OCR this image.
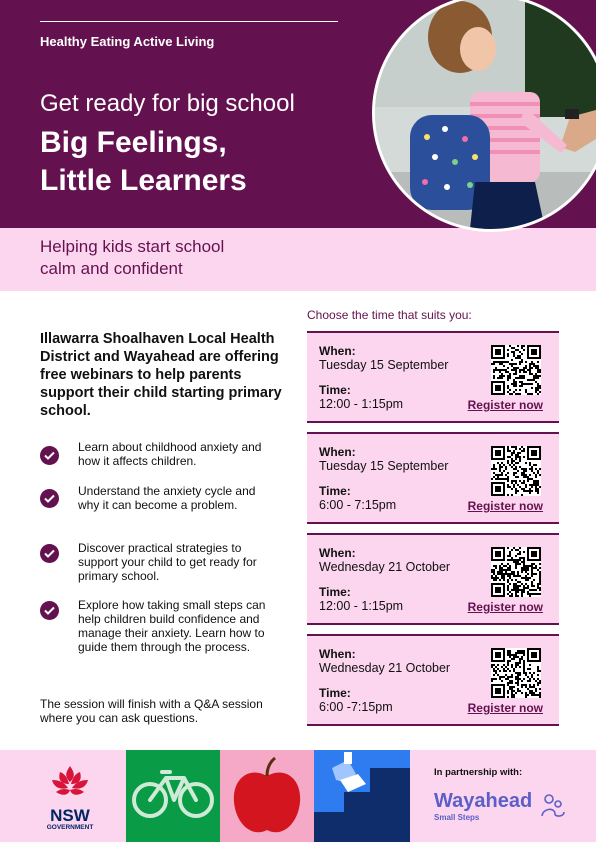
Healthy Eating Active Living
Get ready for big school
Big Feelings,
Little Learners
Helping kids start school
calm and confident
Illawarra Shoalhaven Local Health District and Wayahead are offering free webinars to help parents support their child starting primary school.
Learn about childhood anxiety and how it affects children.
Understand the anxiety cycle and why it can become a problem.
Discover practical strategies to support your child to get ready for primary school.
Explore how taking small steps can help children build confidence and manage their anxiety. Learn how to guide them through the process.
The session will finish with a Q&A session where you can ask questions.
Choose the time that suits you:
When:
Tuesday 15 September
Time:
12:00 - 1:15pm	Register now
When:
Tuesday 15 September
Time:
6:00 - 7:15pm	Register now
When:
Wednesday 21 October
Time:
12:00 - 1:15pm	Register now
When:
Wednesday 21 October
Time:
6:00 -7:15pm	Register now
NSW
GOVERNMENT
In partnership with:
Wayahead
Small Steps
